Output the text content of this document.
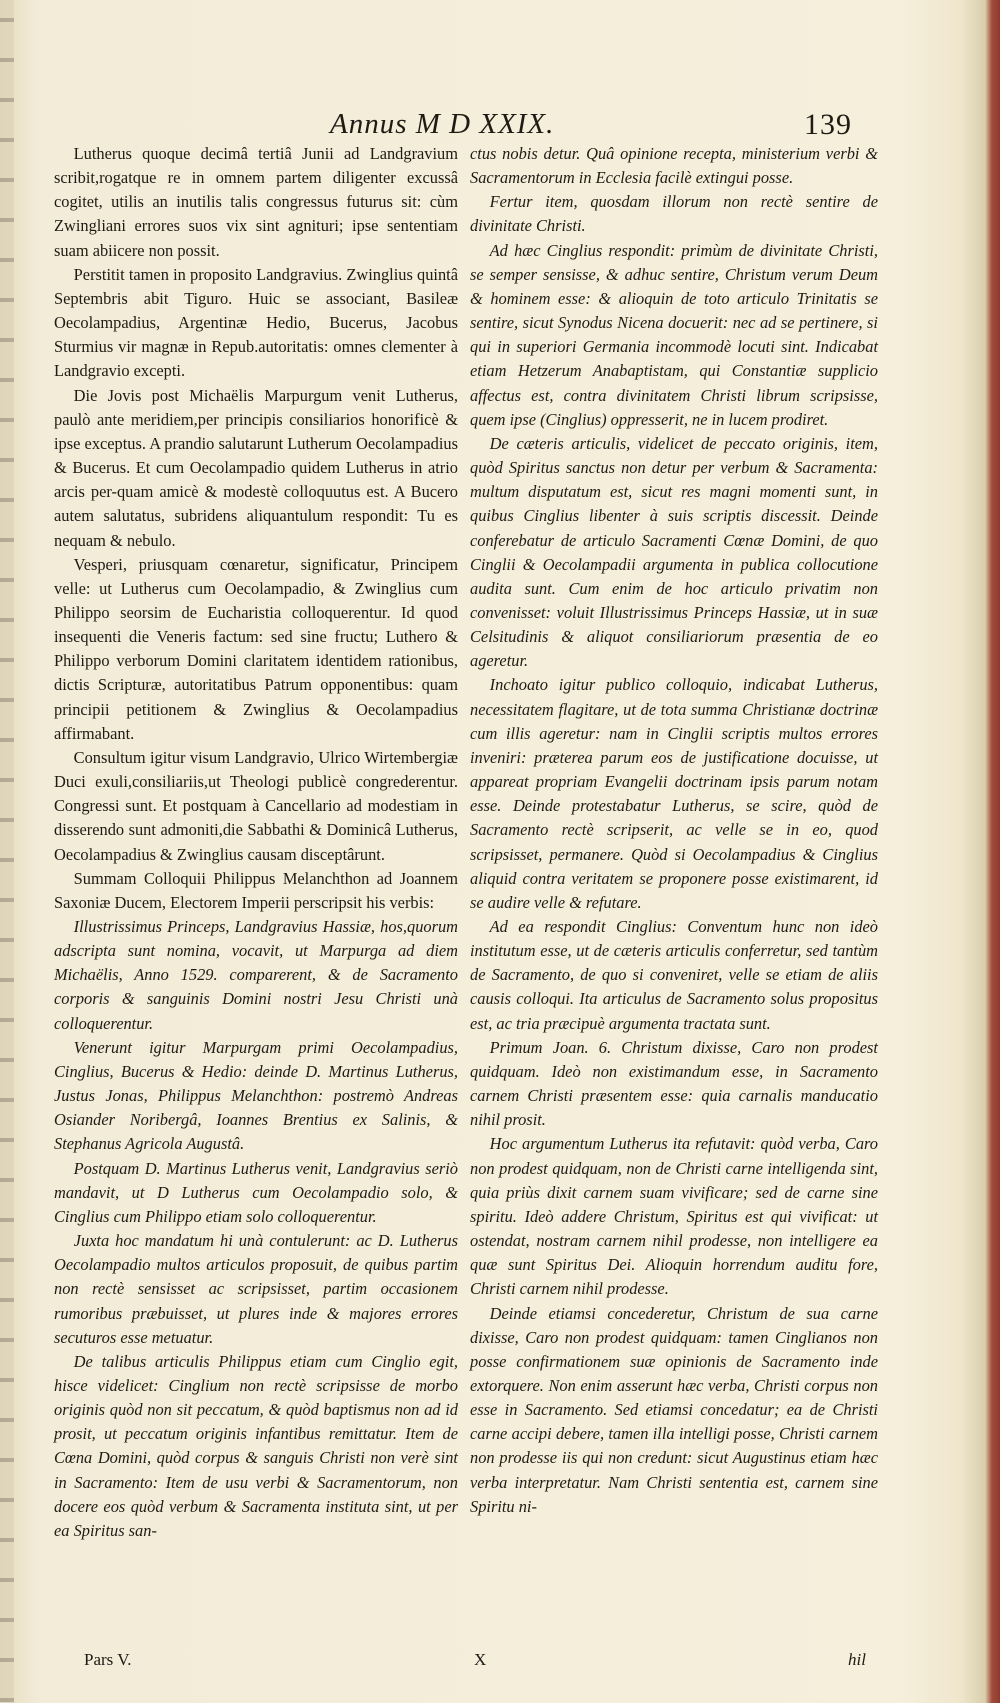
Annus M D XXIX.	139

Lutherus quoque decimâ tertiâ Junii ad Landgravium scribit,rogatque re in omnem partem diligenter excussâ cogitet, utilis an inutilis talis congressus futurus sit: cùm Zwingliani errores suos vix sint agnituri; ipse sententiam suam abiicere non possit.

Perstitit tamen in proposito Landgravius. Zwinglius quintâ Septembris abit Tiguro. Huic se associant, Basileæ Oecolampadius, Argentinæ Hedio, Bucerus, Jacobus Sturmius vir magnæ in Repub.autoritatis: omnes clementer à Landgravio excepti.

Die Jovis post Michaëlis Marpurgum venit Lutherus, paulò ante meridiem,per principis consiliarios honorificè & ipse exceptus. A prandio salutarunt Lutherum Oecolampadius & Bucerus. Et cum Oecolampadio quidem Lutherus in atrio arcis per-quam amicè & modestè colloquutus est. A Bucero autem salutatus, subridens aliquantulum respondit: Tu es nequam & nebulo.

Vesperi, priusquam cœnaretur, significatur, Principem velle: ut Lutherus cum Oecolampadio, & Zwinglius cum Philippo seorsim de Eucharistia colloquerentur. Id quod insequenti die Veneris factum: sed sine fructu; Luthero & Philippo verborum Domini claritatem identidem rationibus, dictis Scripturæ, autoritatibus Patrum opponentibus: quam principii petitionem & Zwinglius & Oecolampadius affirmabant.

Consultum igitur visum Landgravio, Ulrico Wirtembergiæ Duci exuli,consiliariis,ut Theologi publicè congrederentur. Congressi sunt. Et postquam à Cancellario ad modestiam in disserendo sunt admoniti,die Sabbathi & Dominicâ Lutherus, Oecolampadius & Zwinglius causam disceptârunt.

Summam Colloquii Philippus Melanchthon ad Joannem Saxoniæ Ducem, Electorem Imperii perscripsit his verbis:

Illustrissimus Princeps, Landgravius Hassiæ, hos,quorum adscripta sunt nomina, vocavit, ut Marpurga ad diem Michaëlis, Anno 1529. comparerent, & de Sacramento corporis & sanguinis Domini nostri Jesu Christi unà colloquerentur.

Venerunt igitur Marpurgam primi Oecolampadius, Cinglius, Bucerus & Hedio: deinde D. Martinus Lutherus, Justus Jonas, Philippus Melanchthon: postremò Andreas Osiander Noribergâ, Ioannes Brentius ex Salinis, & Stephanus Agricola Augustâ.

Postquam D. Martinus Lutherus venit, Landgravius seriò mandavit, ut D Lutherus cum Oecolampadio solo, & Cinglius cum Philippo etiam solo colloquerentur.

Juxta hoc mandatum hi unà contulerunt: ac D. Lutherus Oecolampadio multos articulos proposuit, de quibus partim non rectè sensisset ac scripsisset, partim occasionem rumoribus præbuisset, ut plures inde & majores errores secuturos esse metuatur.

De talibus articulis Philippus etiam cum Cinglio egit, hisce videlicet: Cinglium non rectè scripsisse de morbo originis quòd non sit peccatum, & quòd baptismus non ad id prosit, ut peccatum originis infantibus remittatur. Item de Cœna Domini, quòd corpus & sanguis Christi non verè sint in Sacramento: Item de usu verbi & Sacramentorum, non docere eos quòd verbum & Sacramenta instituta sint, ut per ea Spiritus san-

ctus nobis detur. Quâ opinione recepta, ministerium verbi & Sacramentorum in Ecclesia facilè extingui posse.

Fertur item, quosdam illorum non rectè sentire de divinitate Christi.

Ad hæc Cinglius respondit: primùm de divinitate Christi, se semper sensisse, & adhuc sentire, Christum verum Deum & hominem esse: & alioquin de toto articulo Trinitatis se sentire, sicut Synodus Nicena docuerit: nec ad se pertinere, si qui in superiori Germania incommodè locuti sint. Indicabat etiam Hetzerum Anabaptistam, qui Constantiæ supplicio affectus est, contra divinitatem Christi librum scripsisse, quem ipse (Cinglius) oppresserit, ne in lucem prodiret.

De cæteris articulis, videlicet de peccato originis, item, quòd Spiritus sanctus non detur per verbum & Sacramenta: multum disputatum est, sicut res magni momenti sunt, in quibus Cinglius libenter à suis scriptis discessit. Deinde conferebatur de articulo Sacramenti Cœnæ Domini, de quo Cinglii & Oecolampadii argumenta in publica collocutione audita sunt. Cum enim de hoc articulo privatim non convenisset: voluit Illustrissimus Princeps Hassiæ, ut in suæ Celsitudinis & aliquot consiliariorum præsentia de eo ageretur.

Inchoato igitur publico colloquio, indicabat Lutherus, necessitatem flagitare, ut de tota summa Christianæ doctrinæ cum illis ageretur: nam in Cinglii scriptis multos errores inveniri: præterea parum eos de justificatione docuisse, ut appareat propriam Evangelii doctrinam ipsis parum notam esse. Deinde protestabatur Lutherus, se scire, quòd de Sacramento rectè scripserit, ac velle se in eo, quod scripsisset, permanere. Quòd si Oecolampadius & Cinglius aliquid contra veritatem se proponere posse existimarent, id se audire velle & refutare.

Ad ea respondit Cinglius: Conventum hunc non ideò institutum esse, ut de cæteris articulis conferretur, sed tantùm de Sacramento, de quo si conveniret, velle se etiam de aliis causis colloqui. Ita articulus de Sacramento solus propositus est, ac tria præcipuè argumenta tractata sunt.

Primum Joan. 6. Christum dixisse, Caro non prodest quidquam. Ideò non existimandum esse, in Sacramento carnem Christi præsentem esse: quia carnalis manducatio nihil prosit.

Hoc argumentum Lutherus ita refutavit: quòd verba, Caro non prodest quidquam, non de Christi carne intelligenda sint, quia priùs dixit carnem suam vivificare; sed de carne sine spiritu. Ideò addere Christum, Spiritus est qui vivificat: ut ostendat, nostram carnem nihil prodesse, non intelligere ea quæ sunt Spiritus Dei. Alioquin horrendum auditu fore, Christi carnem nihil prodesse.

Deinde etiamsi concederetur, Christum de sua carne dixisse, Caro non prodest quidquam: tamen Cinglianos non posse confirmationem suæ opinionis de Sacramento inde extorquere. Non enim asserunt hæc verba, Christi corpus non esse in Sacramento. Sed etiamsi concedatur; ea de Christi carne accipi debere, tamen illa intelligi posse, Christi carnem non prodesse iis qui non credunt: sicut Augustinus etiam hæc verba interpretatur. Nam Christi sententia est, carnem sine Spiritu ni-

Pars V.	X	hil
